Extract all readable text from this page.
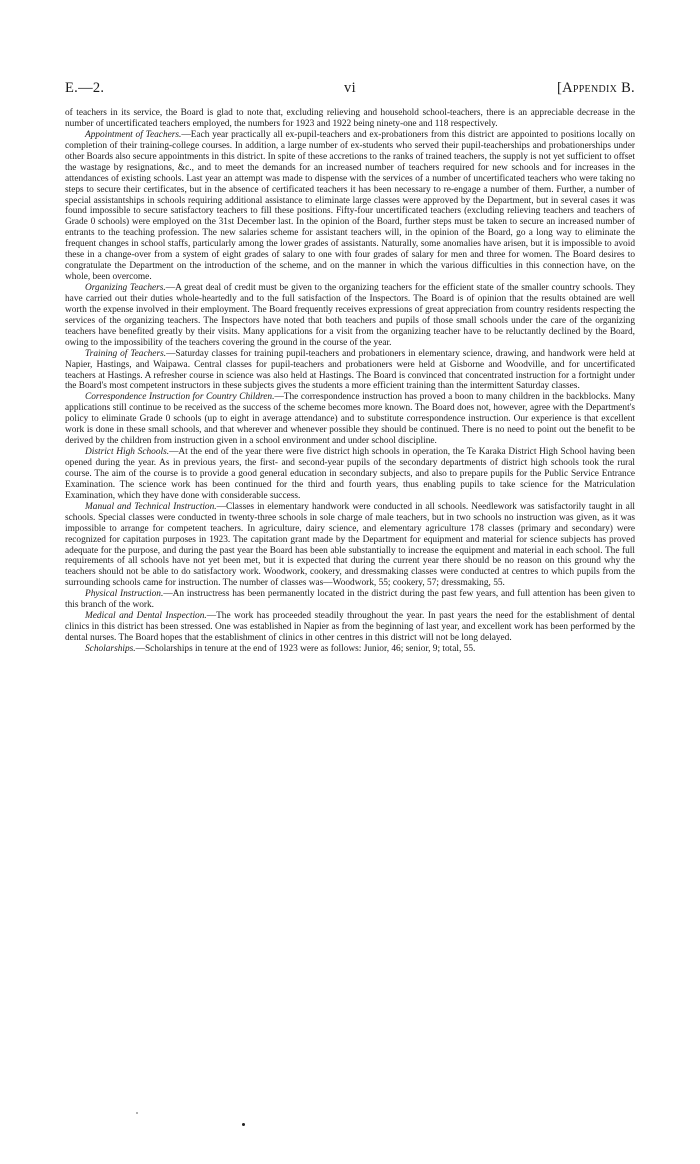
E.—2.	vi	[Appendix B.

of teachers in its service, the Board is glad to note that, excluding relieving and household school-teachers, there is an appreciable decrease in the number of uncertificated teachers employed, the numbers for 1923 and 1922 being ninety-one and 118 respectively.

Appointment of Teachers.—Each year practically all ex-pupil-teachers and ex-probationers from this district are appointed to positions locally on completion of their training-college courses. In addition, a large number of ex-students who served their pupil-teacherships and probationerships under other Boards also secure appointments in this district. In spite of these accretions to the ranks of trained teachers, the supply is not yet sufficient to offset the wastage by resignations, &c., and to meet the demands for an increased number of teachers required for new schools and for increases in the attendances of existing schools. Last year an attempt was made to dispense with the services of a number of uncertificated teachers who were taking no steps to secure their certificates, but in the absence of certificated teachers it has been necessary to re-engage a number of them. Further, a number of special assistantships in schools requiring additional assistance to eliminate large classes were approved by the Department, but in several cases it was found impossible to secure satisfactory teachers to fill these positions. Fifty-four uncertificated teachers (excluding relieving teachers and teachers of Grade 0 schools) were employed on the 31st December last. In the opinion of the Board, further steps must be taken to secure an increased number of entrants to the teaching profession. The new salaries scheme for assistant teachers will, in the opinion of the Board, go a long way to eliminate the frequent changes in school staffs, particularly among the lower grades of assistants. Naturally, some anomalies have arisen, but it is impossible to avoid these in a change-over from a system of eight grades of salary to one with four grades of salary for men and three for women. The Board desires to congratulate the Department on the introduction of the scheme, and on the manner in which the various difficulties in this connection have, on the whole, been overcome.

Organizing Teachers.—A great deal of credit must be given to the organizing teachers for the efficient state of the smaller country schools. They have carried out their duties whole-heartedly and to the full satisfaction of the Inspectors. The Board is of opinion that the results obtained are well worth the expense involved in their employment. The Board frequently receives expressions of great appreciation from country residents respecting the services of the organizing teachers. The Inspectors have noted that both teachers and pupils of those small schools under the care of the organizing teachers have benefited greatly by their visits. Many applications for a visit from the organizing teacher have to be reluctantly declined by the Board, owing to the impossibility of the teachers covering the ground in the course of the year.

Training of Teachers.—Saturday classes for training pupil-teachers and probationers in elementary science, drawing, and handwork were held at Napier, Hastings, and Waipawa. Central classes for pupil-teachers and probationers were held at Gisborne and Woodville, and for uncertificated teachers at Hastings. A refresher course in science was also held at Hastings. The Board is convinced that concentrated instruction for a fortnight under the Board's most competent instructors in these subjects gives the students a more efficient training than the intermittent Saturday classes.

Correspondence Instruction for Country Children.—The correspondence instruction has proved a boon to many children in the backblocks. Many applications still continue to be received as the success of the scheme becomes more known. The Board does not, however, agree with the Department's policy to eliminate Grade 0 schools (up to eight in average attendance) and to substitute correspondence instruction. Our experience is that excellent work is done in these small schools, and that wherever and whenever possible they should be continued. There is no need to point out the benefit to be derived by the children from instruction given in a school environment and under school discipline.

District High Schools.—At the end of the year there were five district high schools in operation, the Te Karaka District High School having been opened during the year. As in previous years, the first- and second-year pupils of the secondary departments of district high schools took the rural course. The aim of the course is to provide a good general education in secondary subjects, and also to prepare pupils for the Public Service Entrance Examination. The science work has been continued for the third and fourth years, thus enabling pupils to take science for the Matriculation Examination, which they have done with considerable success.

Manual and Technical Instruction.—Classes in elementary handwork were conducted in all schools. Needlework was satisfactorily taught in all schools. Special classes were conducted in twenty-three schools in sole charge of male teachers, but in two schools no instruction was given, as it was impossible to arrange for competent teachers. In agriculture, dairy science, and elementary agriculture 178 classes (primary and secondary) were recognized for capitation purposes in 1923. The capitation grant made by the Department for equipment and material for science subjects has proved adequate for the purpose, and during the past year the Board has been able substantially to increase the equipment and material in each school. The full requirements of all schools have not yet been met, but it is expected that during the current year there should be no reason on this ground why the teachers should not be able to do satisfactory work. Woodwork, cookery, and dressmaking classes were conducted at centres to which pupils from the surrounding schools came for instruction. The number of classes was—Woodwork, 55; cookery, 57; dressmaking, 55.

Physical Instruction.—An instructress has been permanently located in the district during the past few years, and full attention has been given to this branch of the work.

Medical and Dental Inspection.—The work has proceeded steadily throughout the year. In past years the need for the establishment of dental clinics in this district has been stressed. One was established in Napier as from the beginning of last year, and excellent work has been performed by the dental nurses. The Board hopes that the establishment of clinics in other centres in this district will not be long delayed.

Scholarships.—Scholarships in tenure at the end of 1923 were as follows: Junior, 46; senior, 9; total, 55.
